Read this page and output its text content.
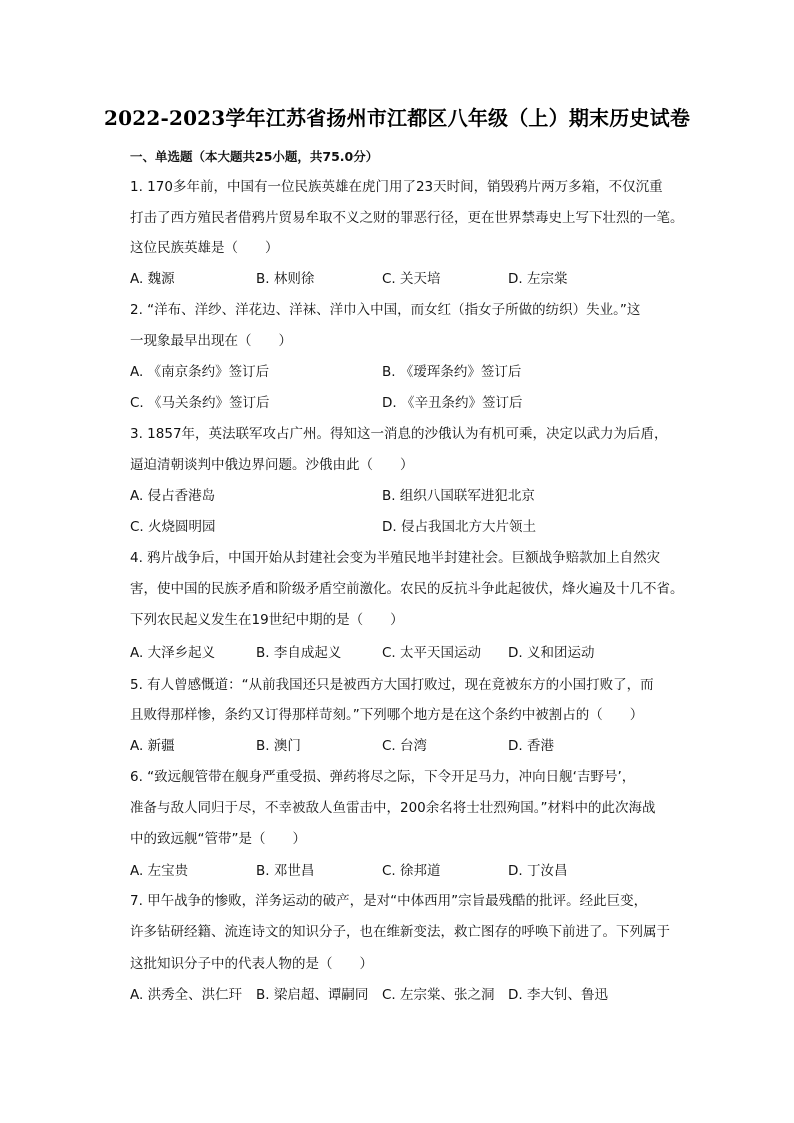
2022-2023学年江苏省扬州市江都区八年级（上）期末历史试卷
一、单选题（本大题共25小题，共75.0分）
1. 170多年前，中国有一位民族英雄在虎门用了23天时间，销毁鸦片两万多箱，不仅沉重
打击了西方殖民者借鸦片贸易牟取不义之财的罪恶行径，更在世界禁毒史上写下壮烈的一笔。
这位民族英雄是（　　）
A. 魏源	B. 林则徐	C. 关天培	D. 左宗棠
2. “洋布、洋纱、洋花边、洋袜、洋巾入中国，而女红（指女子所做的纺织）失业。”这
一现象最早出现在（　　）
A. 《南京条约》签订后	B. 《瑷珲条约》签订后
C. 《马关条约》签订后	D. 《辛丑条约》签订后
3. 1857年，英法联军攻占广州。得知这一消息的沙俄认为有机可乘，决定以武力为后盾，
逼迫清朝谈判中俄边界问题。沙俄由此（　　）
A. 侵占香港岛	B. 组织八国联军进犯北京
C. 火烧圆明园	D. 侵占我国北方大片领土
4. 鸦片战争后，中国开始从封建社会变为半殖民地半封建社会。巨额战争赔款加上自然灾
害，使中国的民族矛盾和阶级矛盾空前激化。农民的反抗斗争此起彼伏，烽火遍及十几不省。
下列农民起义发生在19世纪中期的是（　　）
A. 大泽乡起义	B. 李自成起义	C. 太平天国运动 D. 义和团运动
5. 有人曾感慨道：“从前我国还只是被西方大国打败过，现在竟被东方的小国打败了，而
且败得那样惨，条约又订得那样苛刻。”下列哪个地方是在这个条约中被割占的（　　）
A. 新疆	B. 澳门	C. 台湾	D. 香港
6. “致远舰管带在舰身严重受损、弹药将尽之际，下令开足马力，冲向日舰‘吉野号’，
准备与敌人同归于尽，不幸被敌人鱼雷击中，200余名将士壮烈殉国。”材料中的此次海战
中的致远舰“管带”是（　　）
A. 左宝贵	B. 邓世昌	C. 徐邦道	D. 丁汝昌
7. 甲午战争的惨败，洋务运动的破产，是对“中体西用”宗旨最残酷的批评。经此巨变，
许多钻研经籍、流连诗文的知识分子，也在维新变法，救亡图存的呼唤下前进了。下列属于
这批知识分子中的代表人物的是（　　）
A. 洪秀全、洪仁玕 B. 梁启超、谭嗣同 C. 左宗棠、张之洞 D. 李大钊、鲁迅
